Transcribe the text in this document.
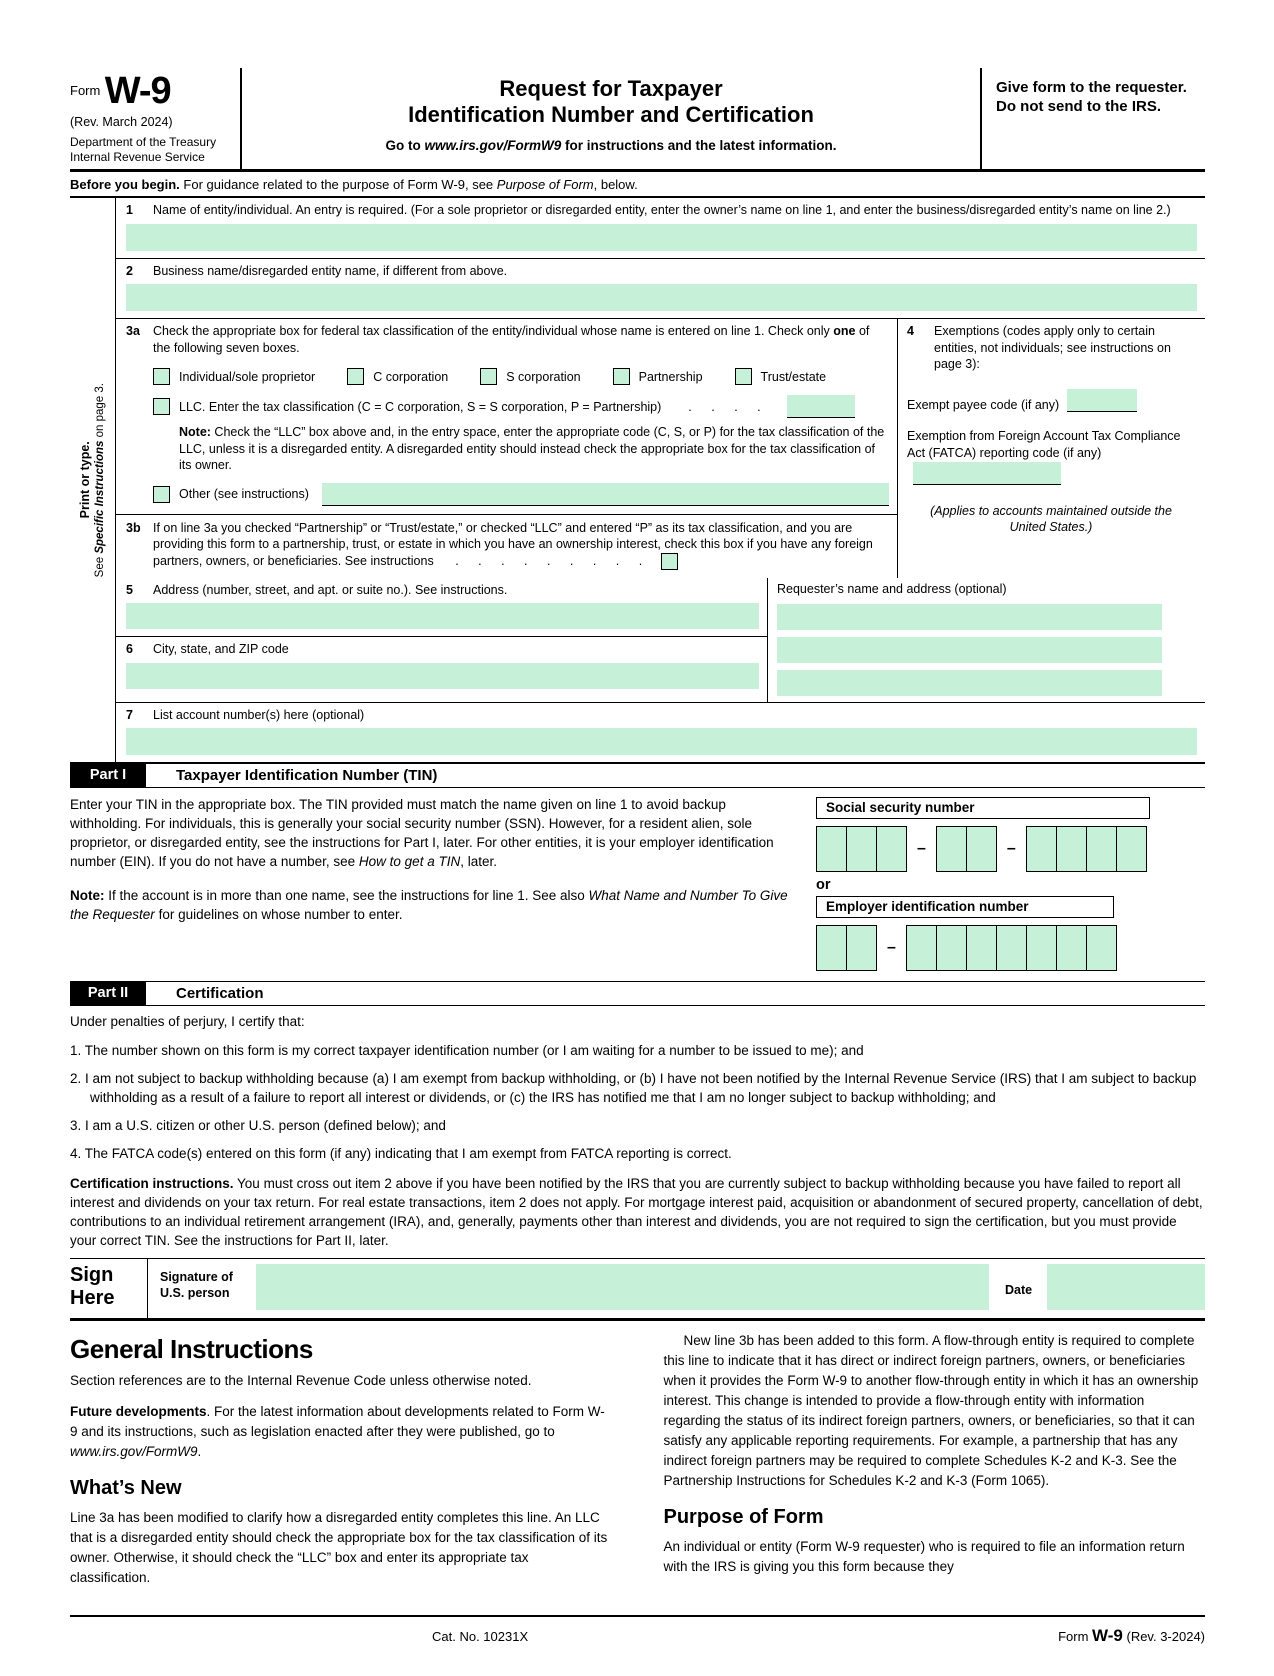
$^{Form}$ W-9
(Rev. March 2024)
Department of the Treasury
Internal Revenue Service
Request for Taxpayer
Identification Number and Certification
Go to www.irs.gov/FormW9 for instructions and the latest information.
Give form to the requester. Do not send to the IRS.
Before you begin. For guidance related to the purpose of Form W-9, see Purpose of Form, below.
Print or type.
See Specific Instructions on page 3.
1	Name of entity/individual. An entry is required. (For a sole proprietor or disregarded entity, enter the owner’s name on line 1, and enter the business/disregarded entity’s name on line 2.)
2	Business name/disregarded entity name, if different from above.
3a	Check the appropriate box for federal tax classification of the entity/individual whose name is entered on line 1. Check only one of the following seven boxes.
Individual/sole proprietor	C corporation	S corporation	Partnership	Trust/estate
LLC. Enter the tax classification (C = C corporation, S = S corporation, P = Partnership) . . . .
Note: Check the “LLC” box above and, in the entry space, enter the appropriate code (C, S, or P) for the tax classification of the LLC, unless it is a disregarded entity. A disregarded entity should instead check the appropriate box for the tax classification of its owner.
Other (see instructions)
3b If on line 3a you checked “Partnership” or “Trust/estate,” or checked “LLC” and entered “P” as its tax classification, and you are providing this form to a partnership, trust, or estate in which you have an ownership interest, check this box if you have any foreign partners, owners, or beneficiaries. See instructions . . . . . . . . .
4	Exemptions (codes apply only to certain entities, not individuals; see instructions on page 3):
Exempt payee code (if any)
Exemption from Foreign Account Tax Compliance Act (FATCA) reporting code (if any)
(Applies to accounts maintained outside the United States.)
5	Address (number, street, and apt. or suite no.). See instructions.
6	City, state, and ZIP code
Requester’s name and address (optional)
7	List account number(s) here (optional)
Part I	Taxpayer Identification Number (TIN)
Enter your TIN in the appropriate box. The TIN provided must match the name given on line 1 to avoid backup withholding. For individuals, this is generally your social security number (SSN). However, for a resident alien, sole proprietor, or disregarded entity, see the instructions for Part I, later. For other entities, it is your employer identification number (EIN). If you do not have a number, see How to get a TIN, later.
Note: If the account is in more than one name, see the instructions for line 1. See also What Name and Number To Give the Requester for guidelines on whose number to enter.
Social security number
–	–
or
Employer identification number
–
Part II	Certification
Under penalties of perjury, I certify that:
1. The number shown on this form is my correct taxpayer identification number (or I am waiting for a number to be issued to me); and
2. I am not subject to backup withholding because (a) I am exempt from backup withholding, or (b) I have not been notified by the Internal Revenue Service (IRS) that I am subject to backup withholding as a result of a failure to report all interest or dividends, or (c) the IRS has notified me that I am no longer subject to backup withholding; and
3. I am a U.S. citizen or other U.S. person (defined below); and
4. The FATCA code(s) entered on this form (if any) indicating that I am exempt from FATCA reporting is correct.
Certification instructions. You must cross out item 2 above if you have been notified by the IRS that you are currently subject to backup withholding because you have failed to report all interest and dividends on your tax return. For real estate transactions, item 2 does not apply. For mortgage interest paid, acquisition or abandonment of secured property, cancellation of debt, contributions to an individual retirement arrangement (IRA), and, generally, payments other than interest and dividends, you are not required to sign the certification, but you must provide your correct TIN. See the instructions for Part II, later.
Sign
Here
Signature of
U.S. person	Date
General Instructions

Section references are to the Internal Revenue Code unless otherwise noted.

Future developments. For the latest information about developments related to Form W-9 and its instructions, such as legislation enacted after they were published, go to www.irs.gov/FormW9.

What’s New

Line 3a has been modified to clarify how a disregarded entity completes this line. An LLC that is a disregarded entity should check the appropriate box for the tax classification of its owner. Otherwise, it should check the “LLC” box and enter its appropriate tax classification.

New line 3b has been added to this form. A flow-through entity is required to complete this line to indicate that it has direct or indirect foreign partners, owners, or beneficiaries when it provides the Form W-9 to another flow-through entity in which it has an ownership interest. This change is intended to provide a flow-through entity with information regarding the status of its indirect foreign partners, owners, or beneficiaries, so that it can satisfy any applicable reporting requirements. For example, a partnership that has any indirect foreign partners may be required to complete Schedules K-2 and K-3. See the Partnership Instructions for Schedules K-2 and K-3 (Form 1065).

Purpose of Form

An individual or entity (Form W-9 requester) who is required to file an information return with the IRS is giving you this form because they

Cat. No. 10231X	Form W-9 (Rev. 3-2024)
